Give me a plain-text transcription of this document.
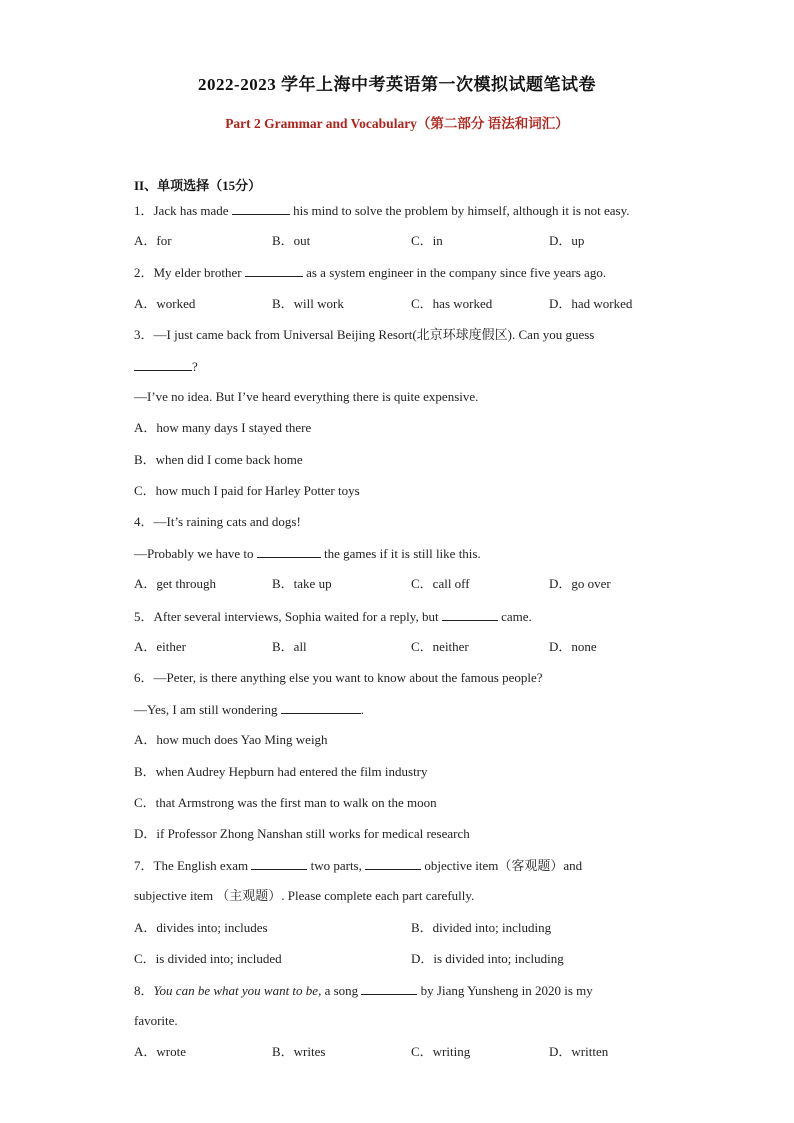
2022-2023 学年上海中考英语第一次模拟试题笔试卷
Part 2 Grammar and Vocabulary（第二部分 语法和词汇）
II、单项选择（15分）
1．Jack has made	his mind to solve the problem by himself, although it is not easy.
A．for	B．out	C．in	D．up
2．My elder brother	as a system engineer in the company since five years ago.
A．worked	B．will work	C．has worked	D．had worked
3．—I just came back from Universal Beijing Resort(北京环球度假区). Can you guess
?
—I’ve no idea. But I’ve heard everything there is quite expensive.
A．how many days I stayed there
B．when did I come back home
C．how much I paid for Harley Potter toys
4．—It’s raining cats and dogs!
—Probably we have to	the games if it is still like this.
A．get through	B．take up	C．call off	D．go over
5．After several interviews, Sophia waited for a reply, but	came.
A．either	B．all	C．neither	D．none
6．—Peter, is there anything else you want to know about the famous people?
—Yes, I am still wondering	.
A．how much does Yao Ming weigh
B．when Audrey Hepburn had entered the film industry
C．that Armstrong was the first man to walk on the moon
D．if Professor Zhong Nanshan still works for medical research
7．The English exam	two parts,	objective item（客观题）and
subjective item （主观题）. Please complete each part carefully.
A．divides into; includes	B．divided into; including
C．is divided into; included	D．is divided into; including
8．You can be what you want to be, a song	by Jiang Yunsheng in 2020 is my
favorite.
A．wrote	B．writes	C．writing	D．written
